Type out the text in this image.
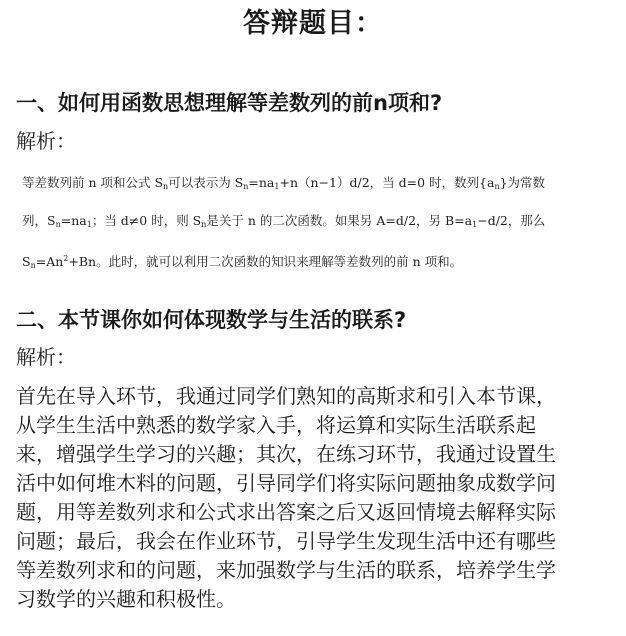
答辩题目：
一、如何用函数思想理解等差数列的前n项和?
解析：
等差数列前 n 项和公式 $S_n$可以表示为 $S_n=na_1+n(n-1)d/2$，当 d=0 时，数列$\{a_n\}$为常数
列，$S_n=na_1$；当 d≠0 时，则 $S_n$是关于 n 的二次函数。如果另 A=d/2，另 $B=a_1-d/2$，那么
$S_n=An^2+Bn$。此时，就可以利用二次函数的知识来理解等差数列的前 n 项和。
二、本节课你如何体现数学与生活的联系?
解析：
首先在导入环节，我通过同学们熟知的高斯求和引入本节课，
从学生生活中熟悉的数学家入手，将运算和实际生活联系起
来，增强学生学习的兴趣；其次，在练习环节，我通过设置生
活中如何堆木料的问题，引导同学们将实际问题抽象成数学问
题，用等差数列求和公式求出答案之后又返回情境去解释实际
问题；最后，我会在作业环节，引导学生发现生活中还有哪些
等差数列求和的问题，来加强数学与生活的联系，培养学生学
习数学的兴趣和积极性。
